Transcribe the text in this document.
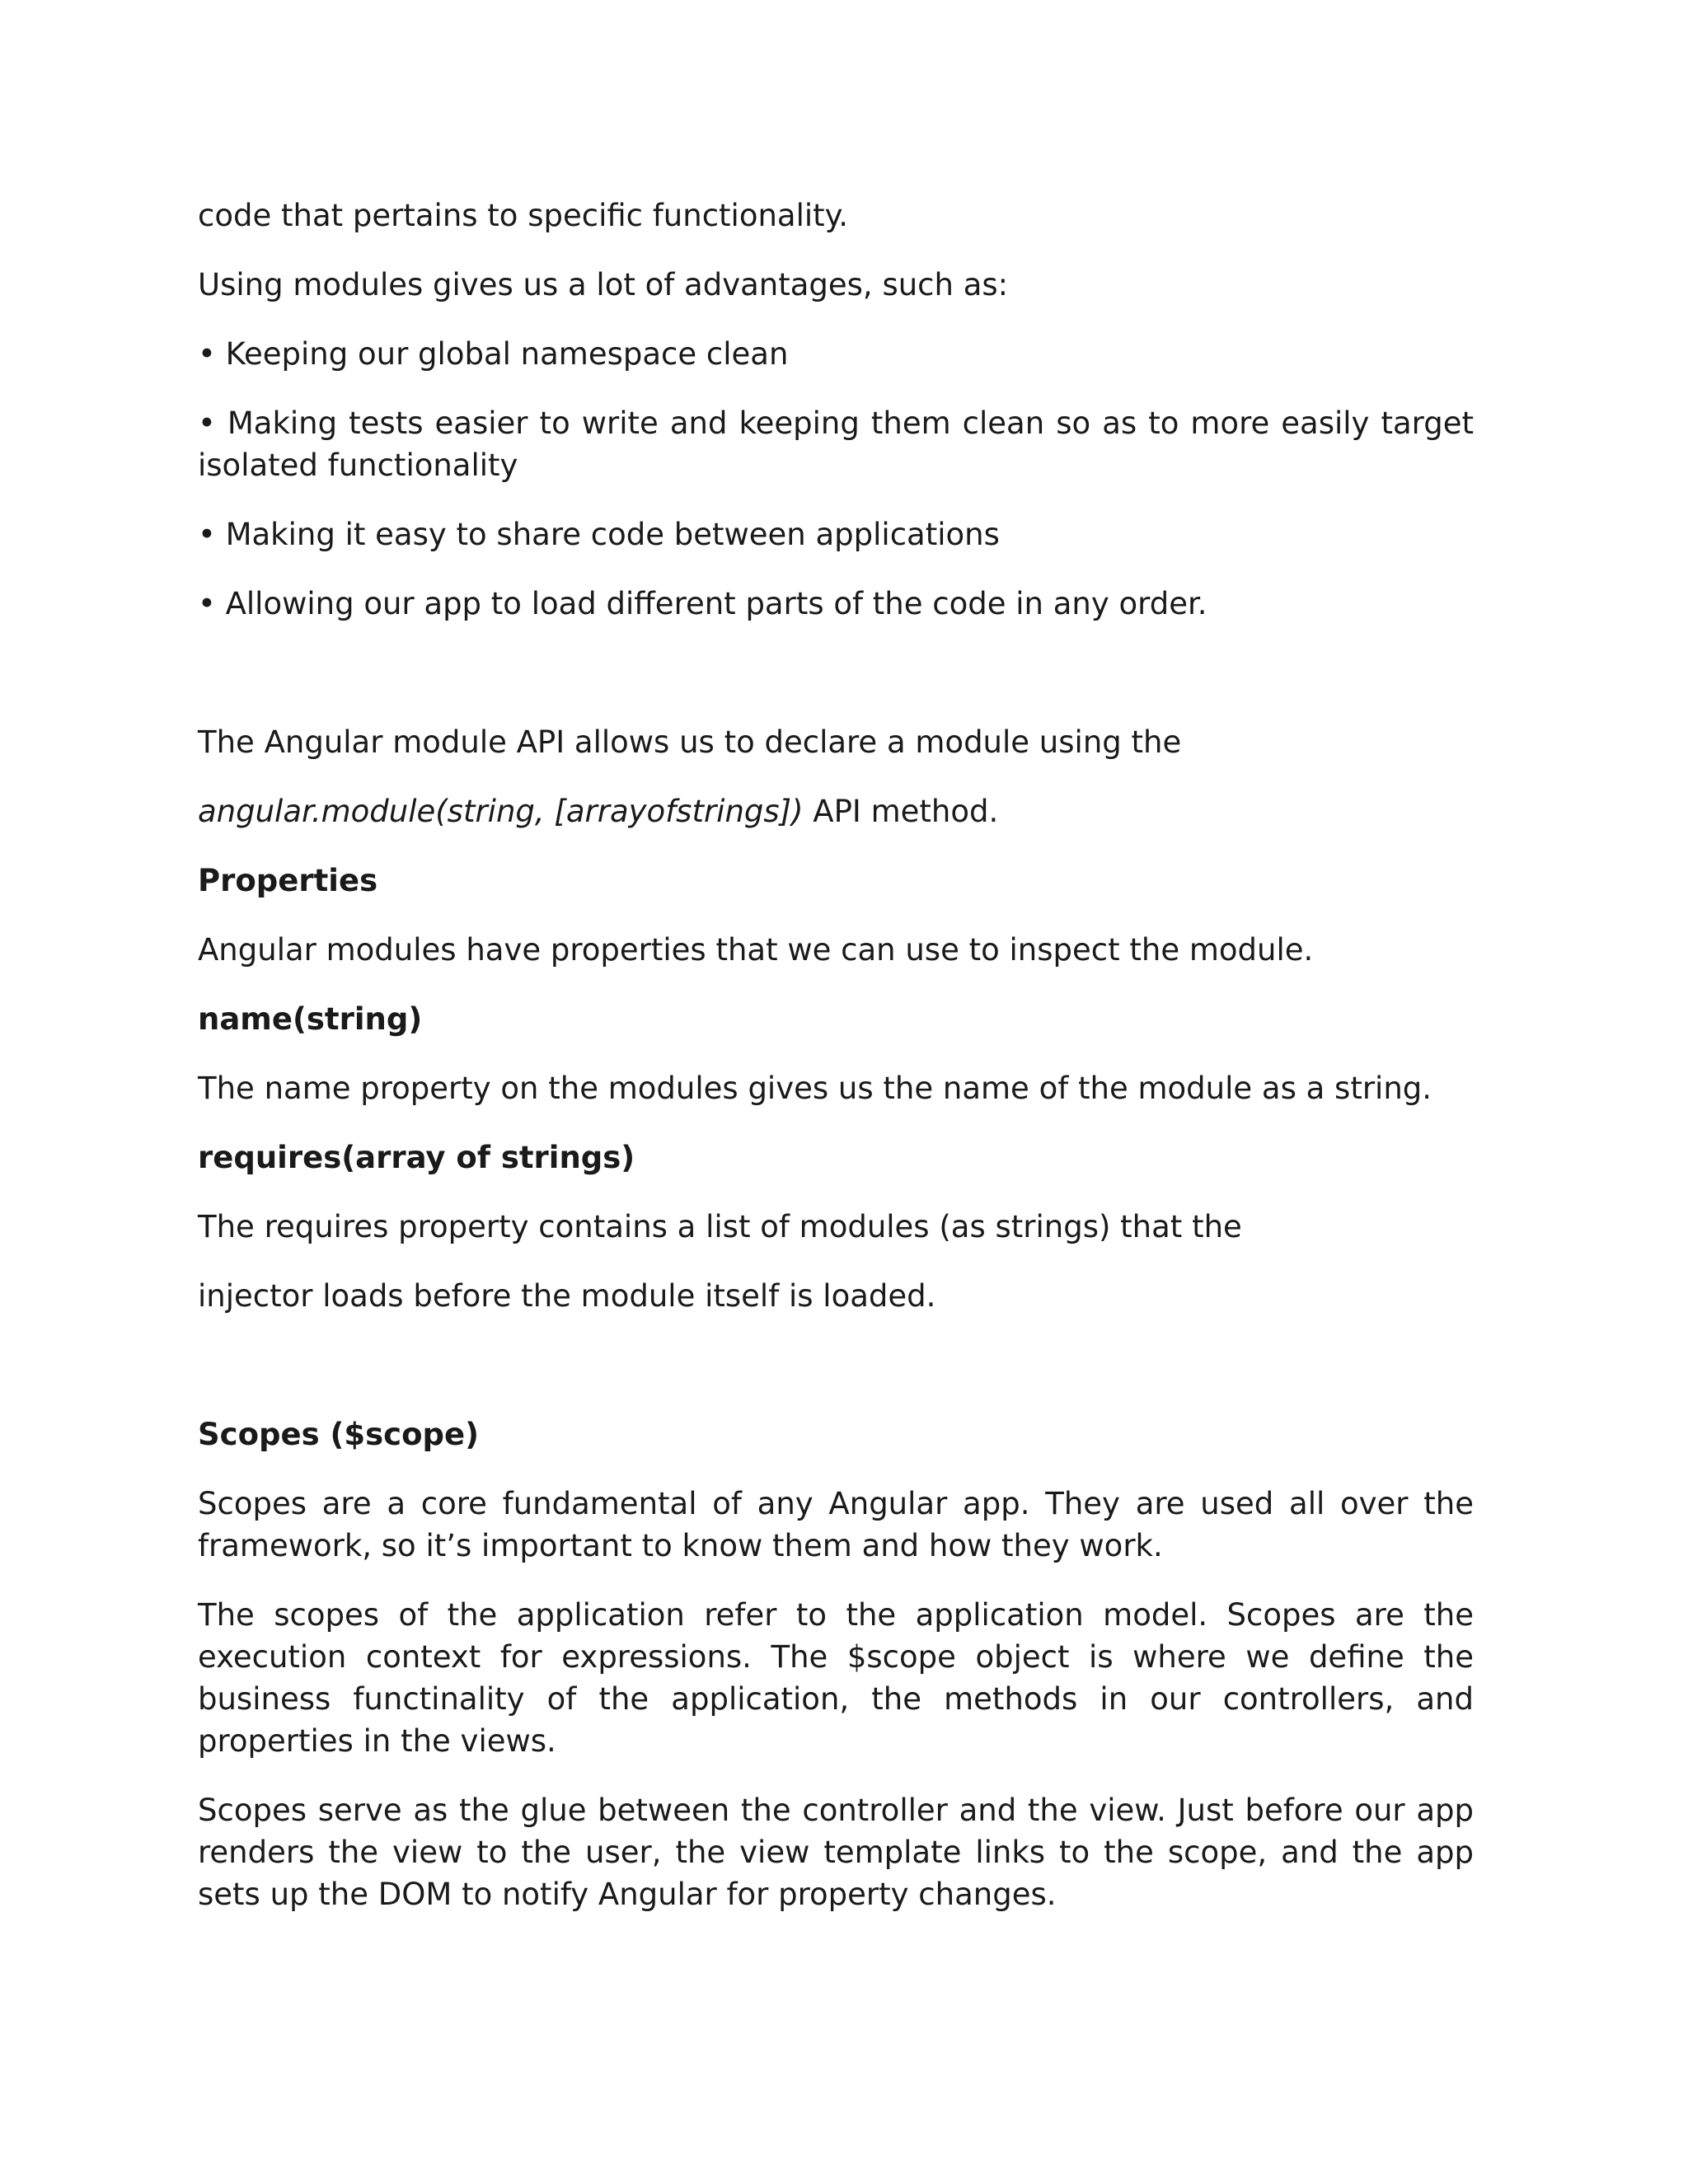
code that pertains to specific functionality.

Using modules gives us a lot of advantages, such as:

• Keeping our global namespace clean

• Making tests easier to write and keeping them clean so as to more easily target isolated functionality

• Making it easy to share code between applications

• Allowing our app to load different parts of the code in any order.

The Angular module API allows us to declare a module using the

angular.module(string, [arrayofstrings]) API method.

Properties

Angular modules have properties that we can use to inspect the module.

name(string)

The name property on the modules gives us the name of the module as a string.

requires(array of strings)

The requires property contains a list of modules (as strings) that the

injector loads before the module itself is loaded.

Scopes ($scope)

Scopes are a core fundamental of any Angular app. They are used all over the framework, so it’s important to know them and how they work.

The scopes of the application refer to the application model. Scopes are the execution context for expressions. The $scope object is where we define the business functinality of the application, the methods in our controllers, and properties in the views.

Scopes serve as the glue between the controller and the view. Just before our app renders the view to the user, the view template links to the scope, and the app sets up the DOM to notify Angular for property changes.
